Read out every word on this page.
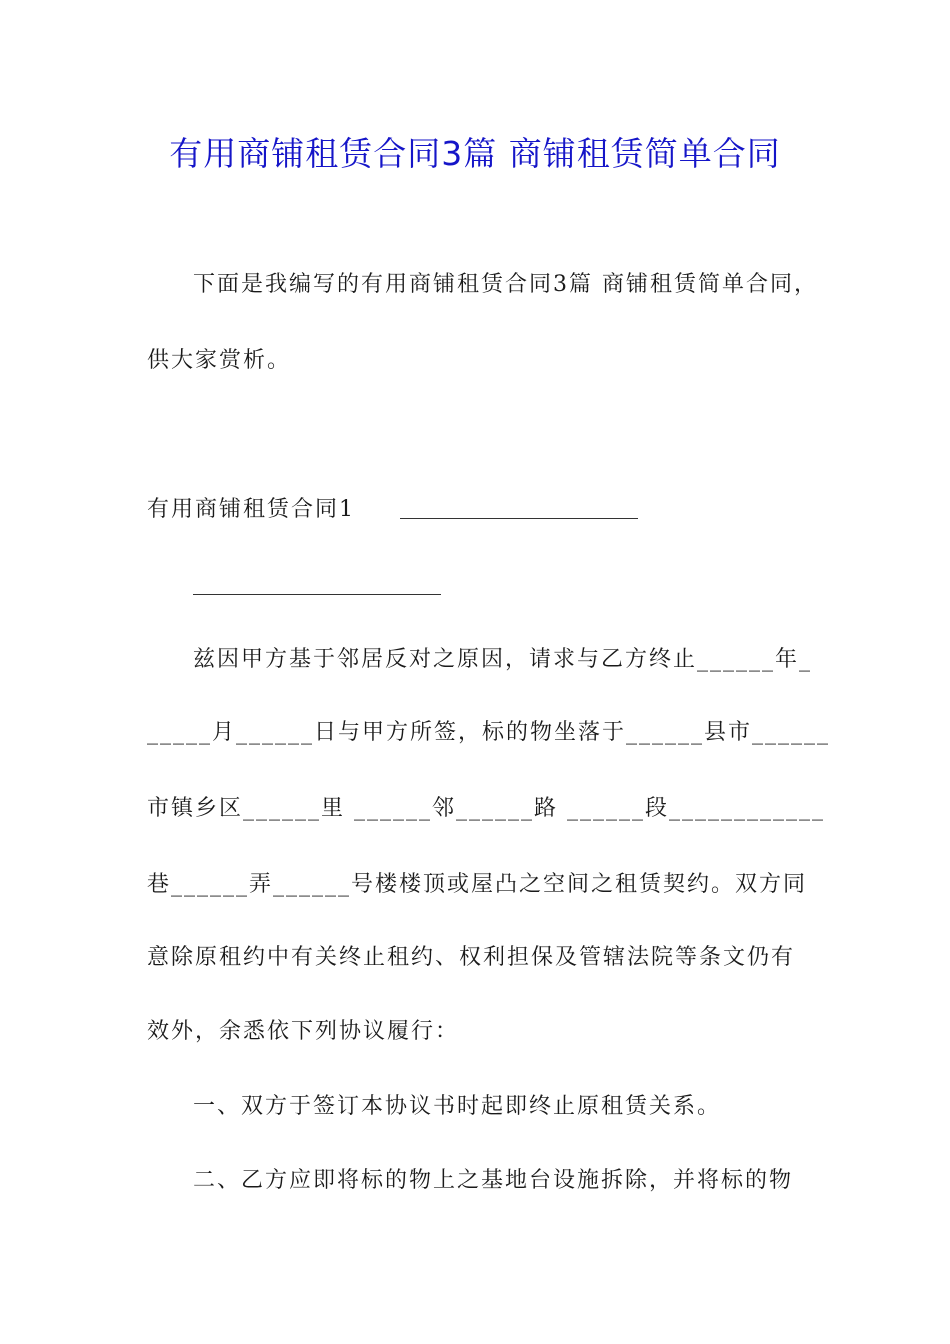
有用商铺租赁合同3篇 商铺租赁简单合同
下面是我编写的有用商铺租赁合同3篇 商铺租赁简单合同，
供大家赏析。
有用商铺租赁合同1
兹因甲方基于邻居反对之原因，请求与乙方终止______年_
_____月______日与甲方所签，标的物坐落于______县市______
市镇乡区______里 ______邻______路 ______段____________
巷______弄______号楼楼顶或屋凸之空间之租赁契约。双方同
意除原租约中有关终止租约、权利担保及管辖法院等条文仍有
效外，余悉依下列协议履行：
一、双方于签订本协议书时起即终止原租赁关系。
二、乙方应即将标的物上之基地台设施拆除，并将标的物
